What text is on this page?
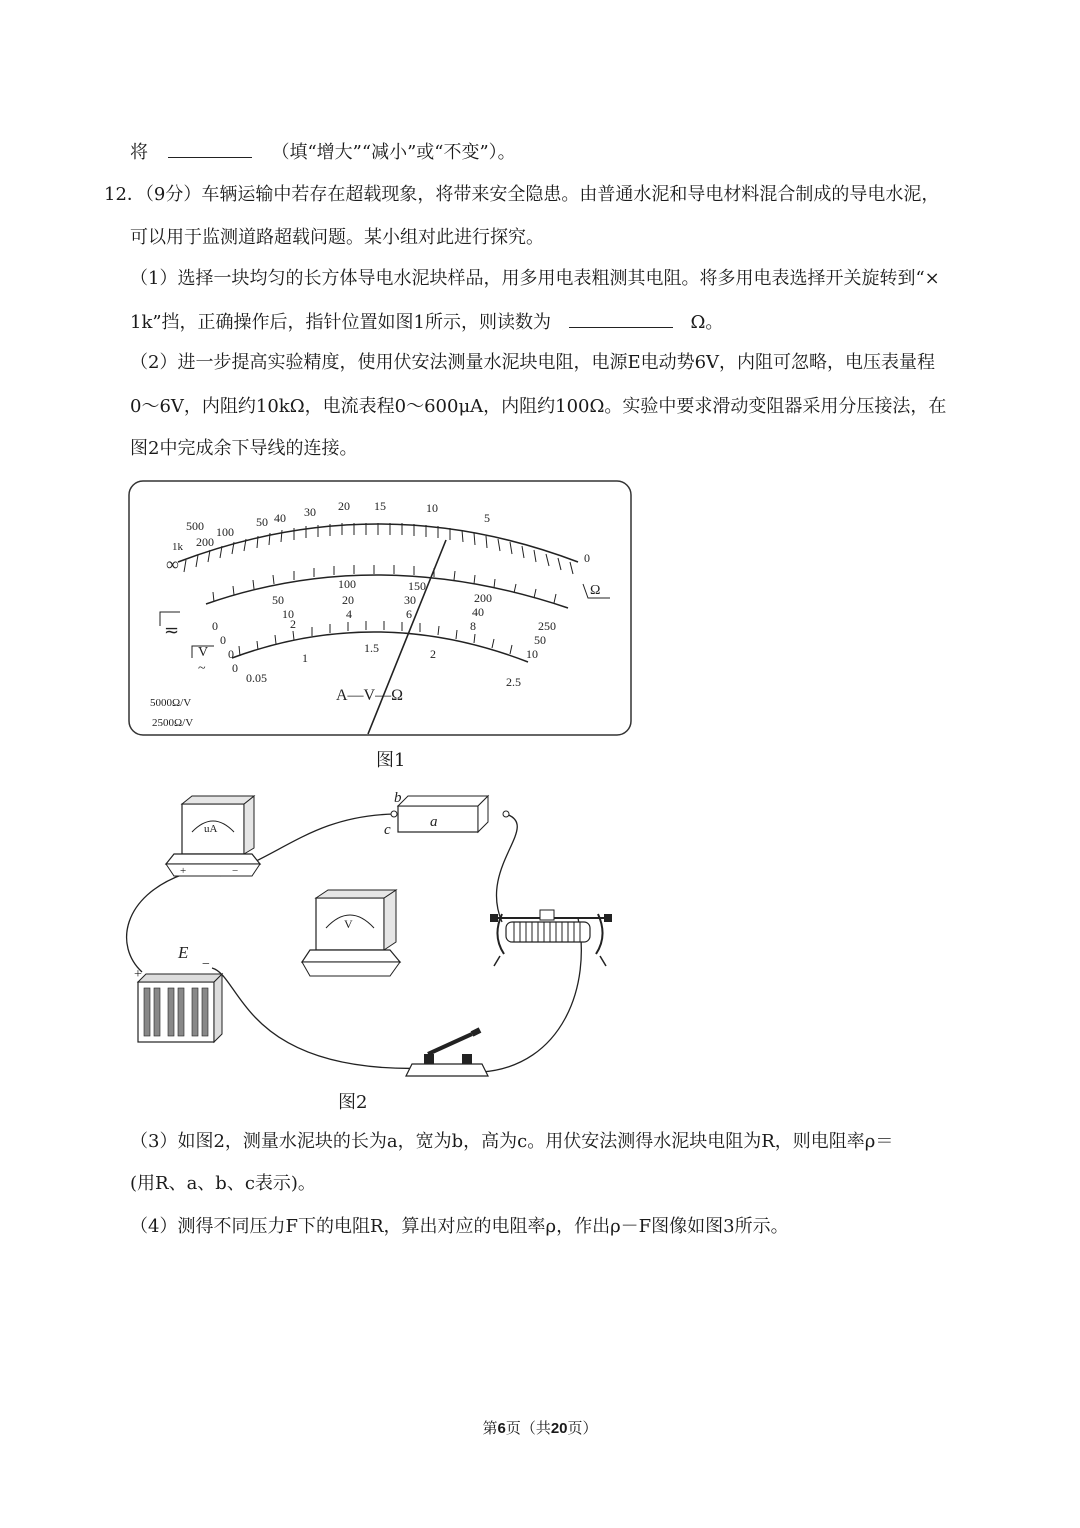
将	（填“增大”“减小”或“不变”）。
12．（9分）车辆运输中若存在超载现象，将带来安全隐患。由普通水泥和导电材料混合制成的导电水泥，
可以用于监测道路超载问题。某小组对此进行探究。
（1）选择一块均匀的长方体导电水泥块样品，用多用电表粗测其电阻。将多用电表选择开关旋转到“×
1k”挡，正确操作后，指针位置如图1所示，则读数为	Ω。
（2）进一步提高实验精度，使用伏安法测量水泥块电阻，电源E电动势6V，内阻可忽略，电压表量程
0～6V，内阻约10kΩ，电流表程0～600μA，内阻约100Ω。实验中要求滑动变阻器采用分压接法，在
图2中完成余下导线的连接。
∞
1k
500
200
100
50 40 30 20 15	10
5
0
Ω
0
50
100	150
200
250
0
10
20	30
40
50
0
2
4	6
8
10
≂
0
0.05
1
1.5	2
2.5
V
~
A—V—Ω
5000Ω/V
2500Ω/V
图1
uA
+	−
a
b
c
V
E
−
+
图2
（3）如图2，测量水泥块的长为a，宽为b，高为c。用伏安法测得水泥块电阻为R，则电阻率ρ＝
(用R、a、b、c表示)。
（4）测得不同压力F下的电阻R，算出对应的电阻率ρ，作出ρ－F图像如图3所示。
第6页（共20页）
